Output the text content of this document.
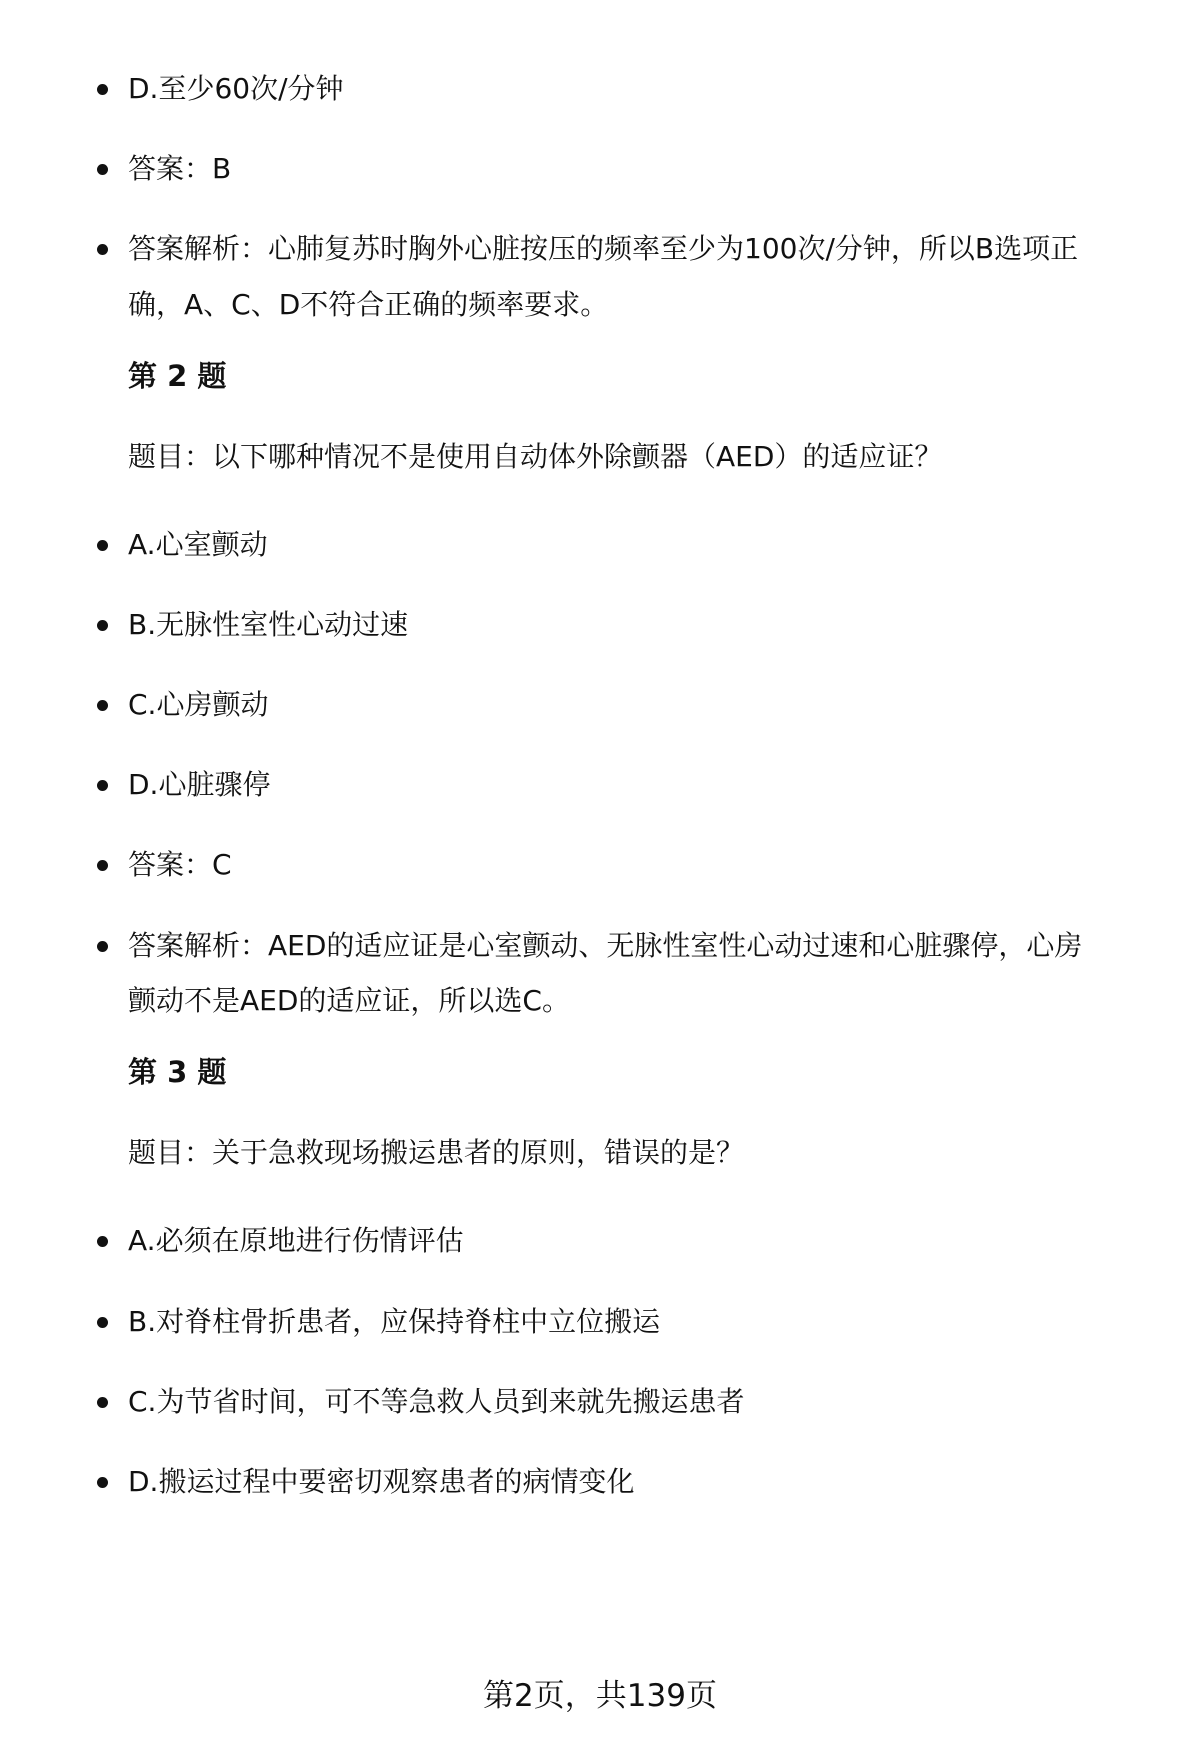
D.至少60次/分钟
答案：B
答案解析：心肺复苏时胸外心脏按压的频率至少为100次/分钟，所以B选项正
确，A、C、D不符合正确的频率要求。
第 2 题
题目：以下哪种情况不是使用自动体外除颤器（AED）的适应证？
A.心室颤动
B.无脉性室性心动过速
C.心房颤动
D.心脏骤停
答案：C
答案解析：AED的适应证是心室颤动、无脉性室性心动过速和心脏骤停，心房
颤动不是AED的适应证，所以选C。
第 3 题
题目：关于急救现场搬运患者的原则，错误的是？
A.必须在原地进行伤情评估
B.对脊柱骨折患者，应保持脊柱中立位搬运
C.为节省时间，可不等急救人员到来就先搬运患者
D.搬运过程中要密切观察患者的病情变化
第2页，共139页
